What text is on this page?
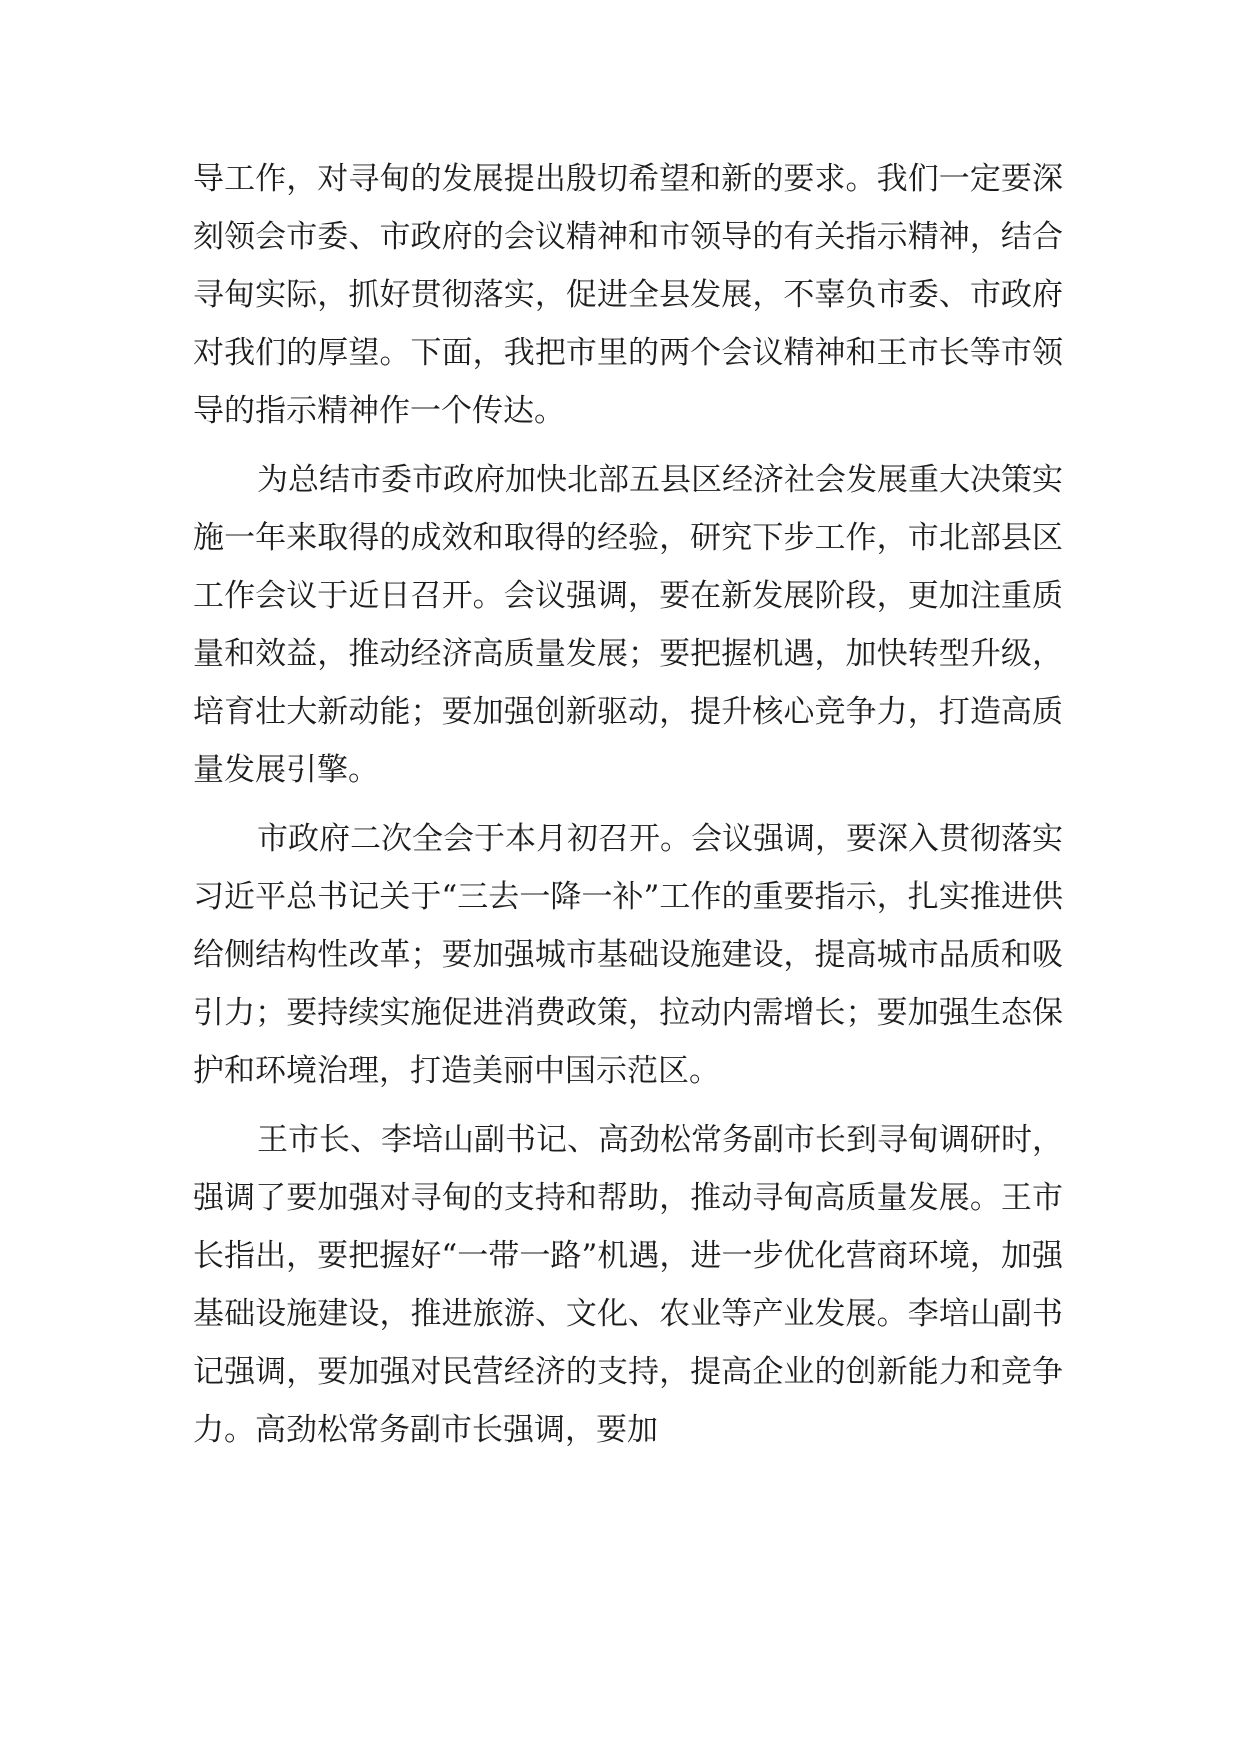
导工作，对寻甸的发展提出殷切希望和新的要求。我们一定要深刻领会市委、市政府的会议精神和市领导的有关指示精神，结合寻甸实际，抓好贯彻落实，促进全县发展，不辜负市委、市政府对我们的厚望。下面，我把市里的两个会议精神和王市长等市领导的指示精神作一个传达。

为总结市委市政府加快北部五县区经济社会发展重大决策实施一年来取得的成效和取得的经验，研究下步工作，市北部县区工作会议于近日召开。会议强调，要在新发展阶段，更加注重质量和效益，推动经济高质量发展；要把握机遇，加快转型升级，培育壮大新动能；要加强创新驱动，提升核心竞争力，打造高质量发展引擎。

市政府二次全会于本月初召开。会议强调，要深入贯彻落实习近平总书记关于“三去一降一补”工作的重要指示，扎实推进供给侧结构性改革；要加强城市基础设施建设，提高城市品质和吸引力；要持续实施促进消费政策，拉动内需增长；要加强生态保护和环境治理，打造美丽中国示范区。

王市长、李培山副书记、高劲松常务副市长到寻甸调研时，强调了要加强对寻甸的支持和帮助，推动寻甸高质量发展。王市长指出，要把握好“一带一路”机遇，进一步优化营商环境，加强基础设施建设，推进旅游、文化、农业等产业发展。李培山副书记强调，要加强对民营经济的支持，提高企业的创新能力和竞争力。高劲松常务副市长强调，要加
